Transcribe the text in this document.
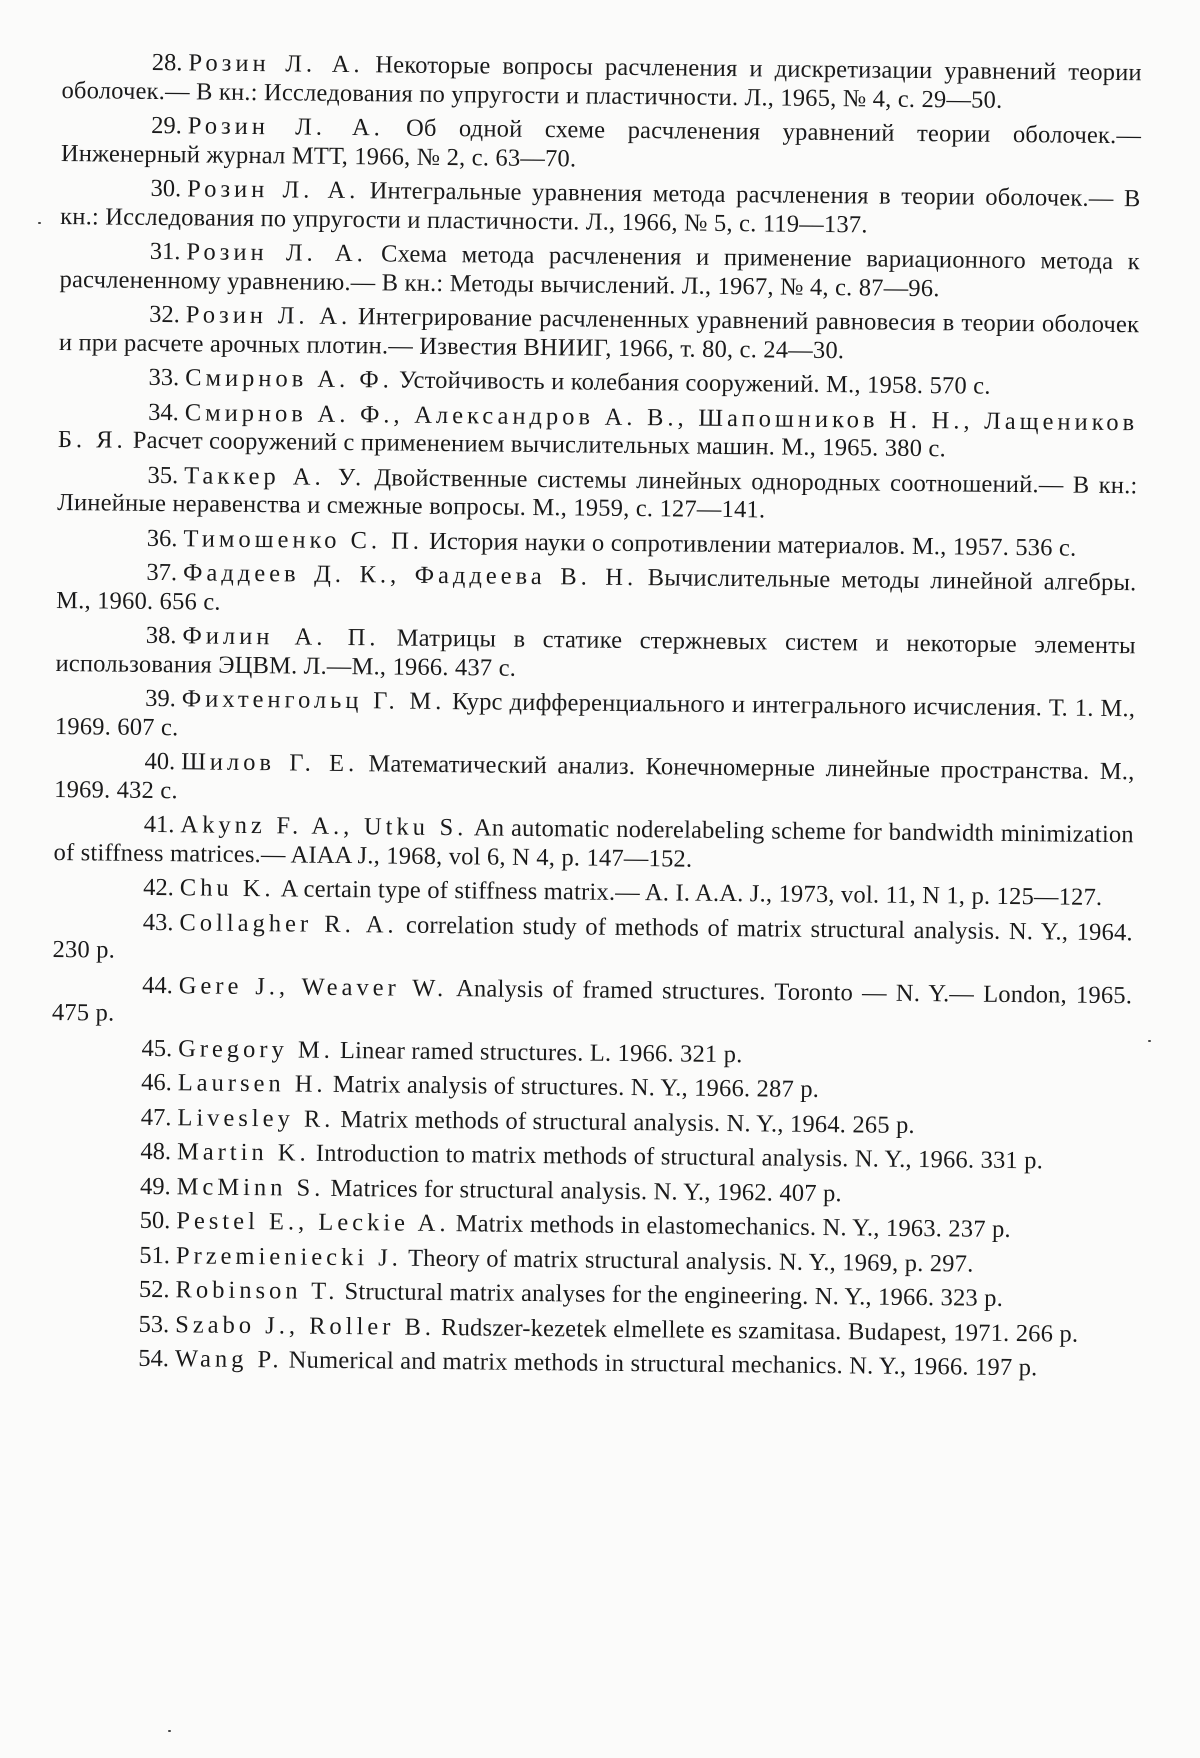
28. Розин Л. А. Некоторые вопросы расчленения и дискретизации уравнений теории оболочек.— В кн.: Исследования по упругости и пластичности. Л., 1965, № 4, с. 29—50.

29. Розин Л. А. Об одной схеме расчленения уравнений теории оболочек.— Инженерный журнал МТТ, 1966, № 2, с. 63—70.

30. Розин Л. А. Интегральные уравнения метода расчленения в теории оболочек.— В кн.: Исследования по упругости и пластичности. Л., 1966, № 5, с. 119—137.

31. Розин Л. А. Схема метода расчленения и применение вариационного метода к расчлененному уравнению.— В кн.: Методы вычислений. Л., 1967, № 4, с. 87—96.

32. Розин Л. А. Интегрирование расчлененных уравнений равновесия в теории оболочек и при расчете арочных плотин.— Известия ВНИИГ, 1966, т. 80, с. 24—30.

33. Смирнов А. Ф. Устойчивость и колебания сооружений. М., 1958. 570 с.

34. Смирнов А. Ф., Александров А. В., Шапошников Н. Н., Лащеников Б. Я. Расчет сооружений с применением вычислительных машин. М., 1965. 380 с.

35. Таккер А. У. Двойственные системы линейных однородных соотношений.— В кн.: Линейные неравенства и смежные вопросы. М., 1959, с. 127—141.

36. Тимошенко С. П. История науки о сопротивлении материалов. М., 1957. 536 с.

37. Фаддеев Д. К., Фаддеева В. Н. Вычислительные методы линейной алгебры. М., 1960. 656 с.

38. Филин А. П. Матрицы в статике стержневых систем и некоторые элементы использования ЭЦВМ. Л.—М., 1966. 437 с.

39. Фихтенгольц Г. М. Курс дифференциального и интегрального исчисления. Т. 1. М., 1969. 607 с.

40. Шилов Г. Е. Математический анализ. Конечномерные линейные пространства. М., 1969. 432 с.

41. Akynz F. A., Utku S. An automatic noderelabeling scheme for bandwidth minimization of stiffness matrices.— AIAA J., 1968, vol 6, N 4, p. 147—152.

42. Chu K. A certain type of stiffness matrix.— A. I. A.A. J., 1973, vol. 11, N 1, p. 125—127.

43. Collagher R. A. correlation study of methods of matrix structural analysis. N. Y., 1964. 230 p.

44. Gere J., Weaver W. Analysis of framed structures. Toronto — N. Y.— London, 1965. 475 p.

45. Gregory M. Linear ramed structures. L. 1966. 321 p.

46. Laursen H. Matrix analysis of structures. N. Y., 1966. 287 p.

47. Livesley R. Matrix methods of structural analysis. N. Y., 1964. 265 p.

48. Martin K. Introduction to matrix methods of structural analysis. N. Y., 1966. 331 p.

49. McMinn S. Matrices for structural analysis. N. Y., 1962. 407 p.

50. Pestel E., Leckie A. Matrix methods in elastomechanics. N. Y., 1963. 237 p.

51. Przemieniecki J. Theory of matrix structural analysis. N. Y., 1969, p. 297.

52. Robinson T. Structural matrix analyses for the engineering. N. Y., 1966. 323 p.

53. Szabo J., Roller B. Rudszer-kezetek elmellete es szamitasa. Budapest, 1971. 266 p.

54. Wang P. Numerical and matrix methods in structural mechanics. N. Y., 1966. 197 p.
